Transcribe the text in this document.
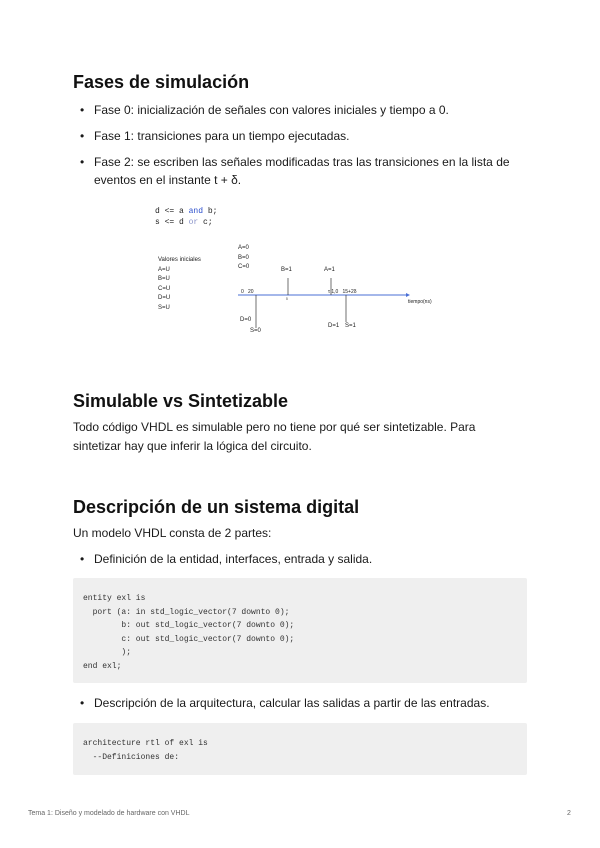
Fases de simulación
• Fase 0: inicialización de señales con valores iniciales y tiempo a 0.
• Fase 1: transiciones para un tiempo ejecutadas.
• Fase 2: se escriben las señales modificadas tras las transiciones en la lista de eventos en el instante t + δ.
d <= a and b;
s <= d or c;
Valores iniciales
A=U
B=U
C=U
D=U
S=U
A=0
B=0
C=0	B=1	A=1
tiempo(ns)
0   20	τ 1,0   15+2δ
D=0
S=0
D=1 S=1
ᵟ
Simulable vs Sintetizable
Todo código VHDL es simulable pero no tiene por qué ser sintetizable. Para sintetizar hay que inferir la lógica del circuito.
Descripción de un sistema digital
Un modelo VHDL consta de 2 partes:
• Definición de la entidad, interfaces, entrada y salida.
entity exl is
port (a: in std_logic_vector(7 downto 0);
b: out std_logic_vector(7 downto 0);
c: out std_logic_vector(7 downto 0);
);
end exl;
• Descripción de la arquitectura, calcular las salidas a partir de las entradas.
architecture rtl of exl is
--Definiciones de:
Tema 1: Diseño y modelado de hardware con VHDL	2
